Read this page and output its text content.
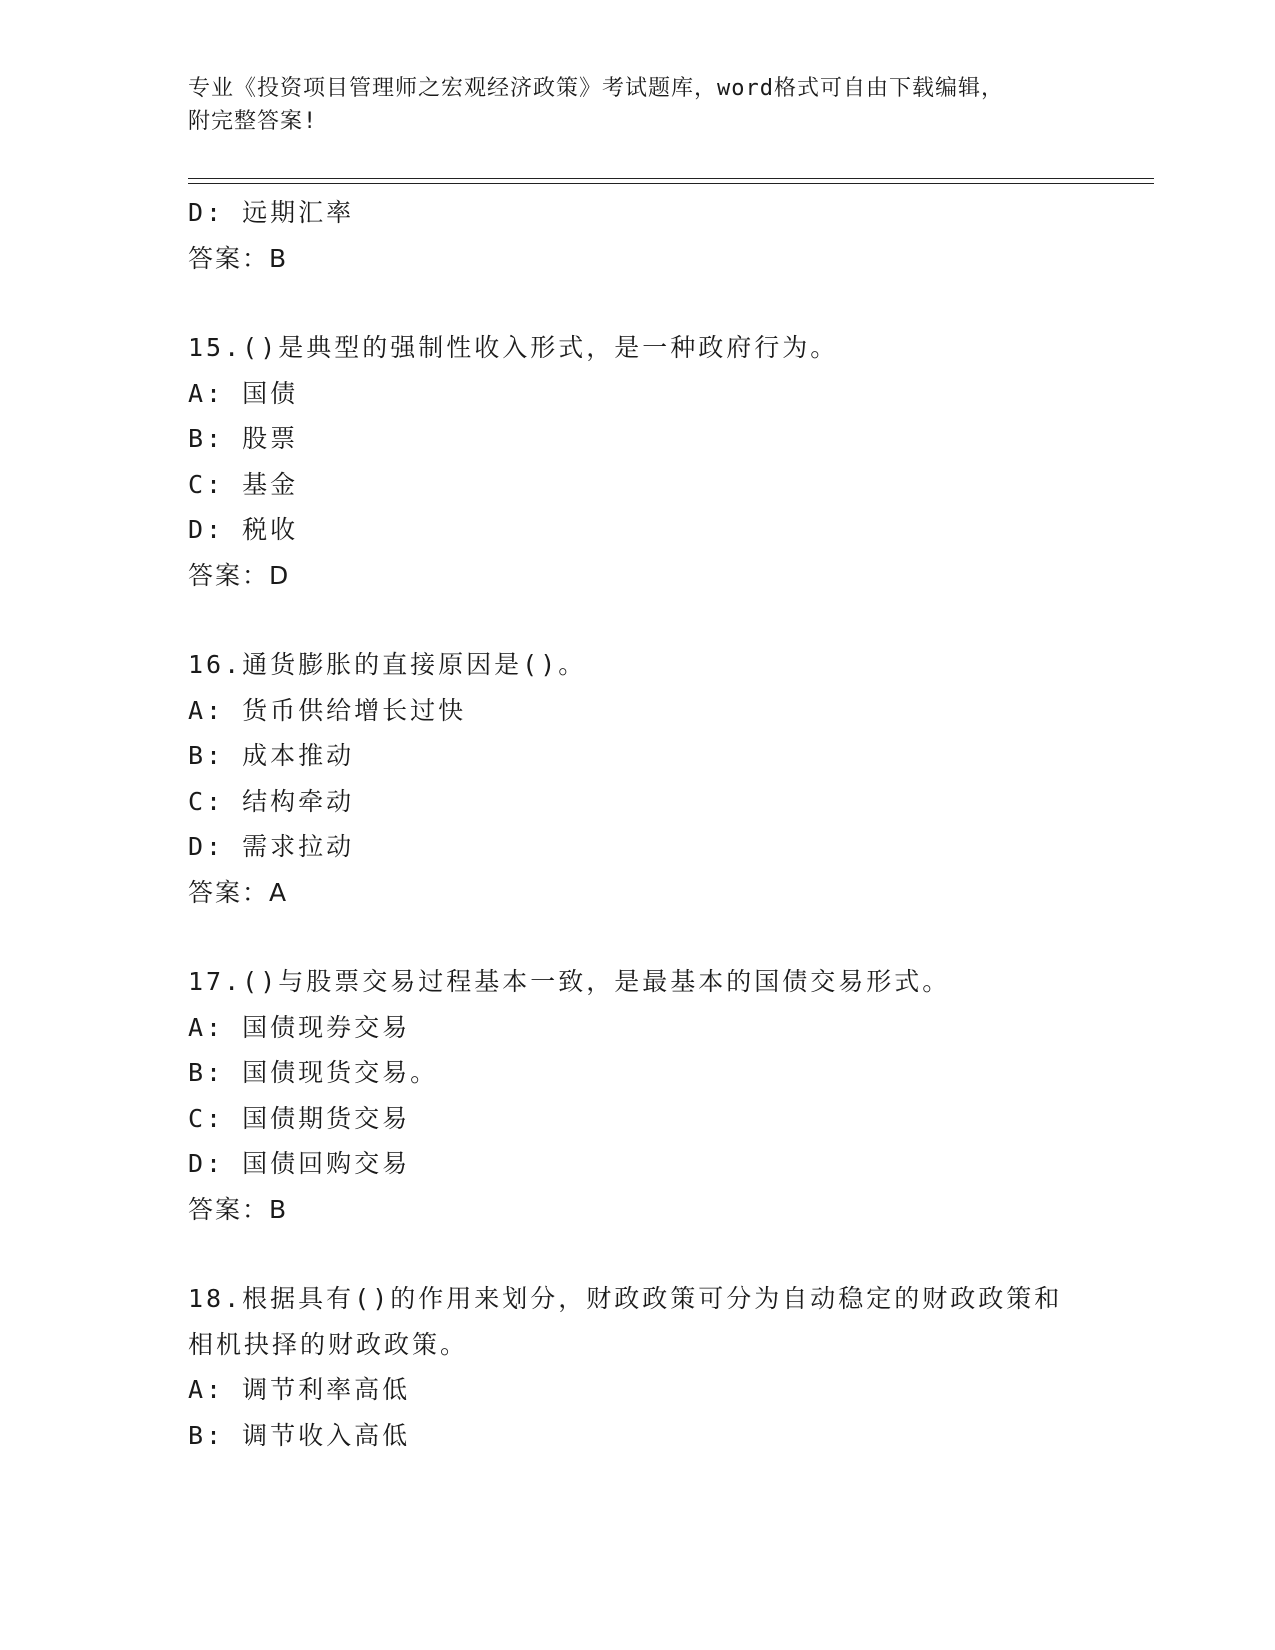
专业《投资项目管理师之宏观经济政策》考试题库，word格式可自由下载编辑，
附完整答案!
D: 远期汇率
答案：B
15.()是典型的强制性收入形式，是一种政府行为。
A: 国债
B: 股票
C: 基金
D: 税收
答案：D
16.通货膨胀的直接原因是()。
A: 货币供给增长过快
B: 成本推动
C: 结构牵动
D: 需求拉动
答案：A
17.()与股票交易过程基本一致，是最基本的国债交易形式。
A: 国债现券交易
B: 国债现货交易。
C: 国债期货交易
D: 国债回购交易
答案：B
18.根据具有()的作用来划分，财政政策可分为自动稳定的财政政策和
相机抉择的财政政策。
A: 调节利率高低
B: 调节收入高低
